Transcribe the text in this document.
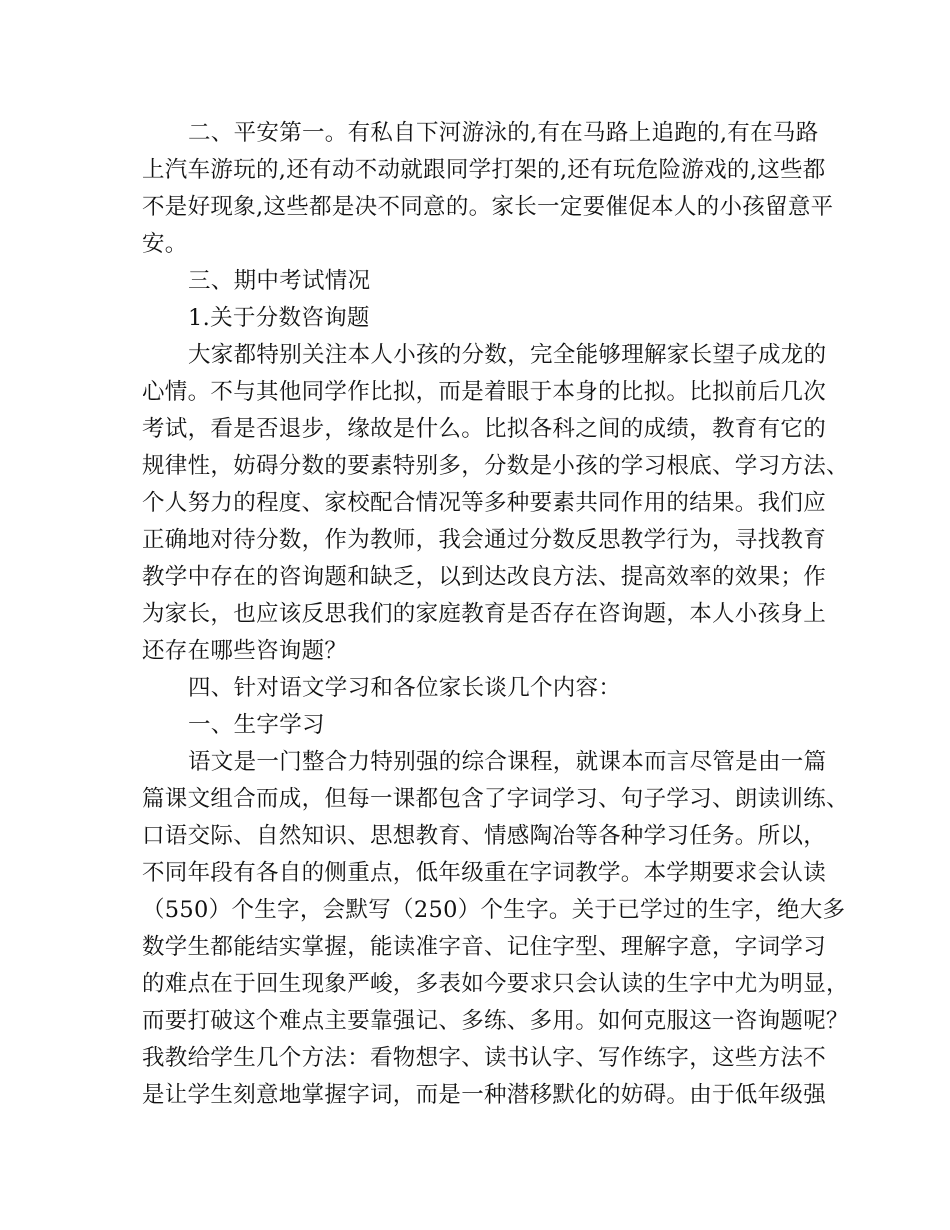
二、平安第一。有私自下河游泳的,有在马路上追跑的,有在马路
上汽车游玩的,还有动不动就跟同学打架的,还有玩危险游戏的,这些都
不是好现象,这些都是决不同意的。家长一定要催促本人的小孩留意平
安。
三、期中考试情况
1.关于分数咨询题
大家都特别关注本人小孩的分数，完全能够理解家长望子成龙的
心情。不与其他同学作比拟，而是着眼于本身的比拟。比拟前后几次
考试，看是否退步，缘故是什么。比拟各科之间的成绩，教育有它的
规律性，妨碍分数的要素特别多，分数是小孩的学习根底、学习方法、
个人努力的程度、家校配合情况等多种要素共同作用的结果。我们应
正确地对待分数，作为教师，我会通过分数反思教学行为，寻找教育
教学中存在的咨询题和缺乏，以到达改良方法、提高效率的效果；作
为家长，也应该反思我们的家庭教育是否存在咨询题，本人小孩身上
还存在哪些咨询题？
四、针对语文学习和各位家长谈几个内容：
一、生字学习
语文是一门整合力特别强的综合课程，就课本而言尽管是由一篇
篇课文组合而成，但每一课都包含了字词学习、句子学习、朗读训练、
口语交际、自然知识、思想教育、情感陶冶等各种学习任务。所以，
不同年段有各自的侧重点，低年级重在字词教学。本学期要求会认读
（550）个生字，会默写（250）个生字。关于已学过的生字，绝大多
数学生都能结实掌握，能读准字音、记住字型、理解字意，字词学习
的难点在于回生现象严峻，多表如今要求只会认读的生字中尤为明显，
而要打破这个难点主要靠强记、多练、多用。如何克服这一咨询题呢？
我教给学生几个方法：看物想字、读书认字、写作练字，这些方法不
是让学生刻意地掌握字词，而是一种潜移默化的妨碍。由于低年级强
